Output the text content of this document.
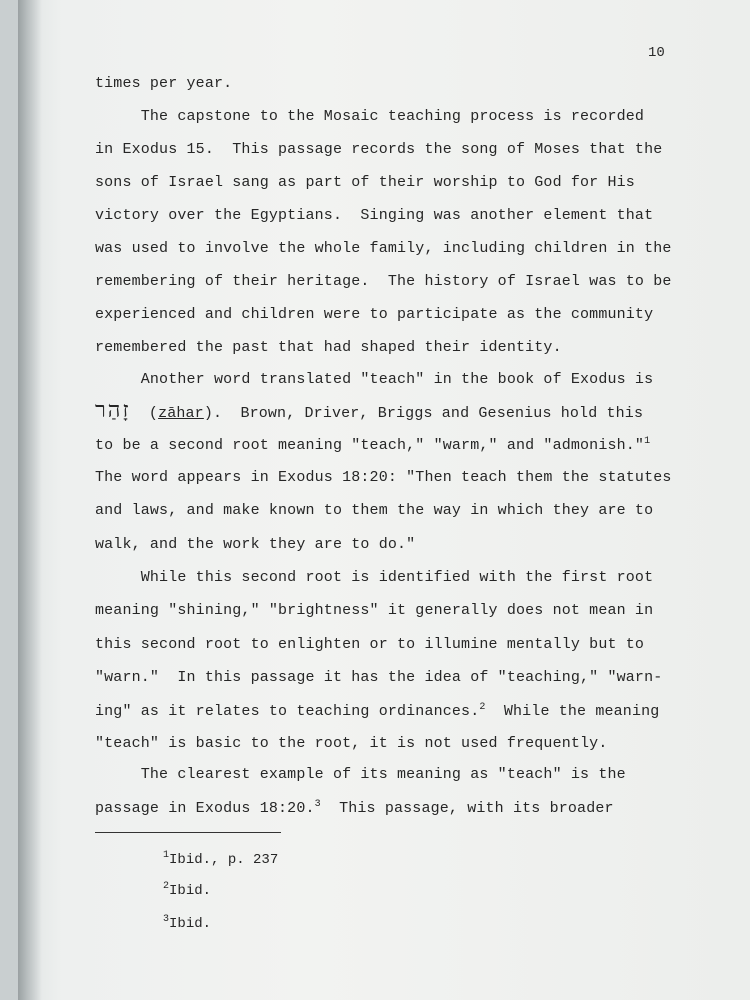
10
times per year.
The capstone to the Mosaic teaching process is recorded
in Exodus 15.  This passage records the song of Moses that the
sons of Israel sang as part of their worship to God for His
victory over the Egyptians.  Singing was another element that
was used to involve the whole family, including children in the
remembering of their heritage.  The history of Israel was to be
experienced and children were to participate as the community
remembered the past that had shaped their identity.
Another word translated "teach" in the book of Exodus is
זָהַר  (zāhar).  Brown, Driver, Briggs and Gesenius hold this
to be a second root meaning "teach," "warm," and "admonish."$^1$
The word appears in Exodus 18:20: "Then teach them the statutes
and laws, and make known to them the way in which they are to
walk, and the work they are to do."
While this second root is identified with the first root
meaning "shining," "brightness" it generally does not mean in
this second root to enlighten or to illumine mentally but to
"warn."  In this passage it has the idea of "teaching," "warn-
ing" as it relates to teaching ordinances.$^2$  While the meaning
"teach" is basic to the root, it is not used frequently.
The clearest example of its meaning as "teach" is the
passage in Exodus 18:20.$^3$  This passage, with its broader
$^1$Ibid., p. 237
$^2$Ibid.
$^3$Ibid.
